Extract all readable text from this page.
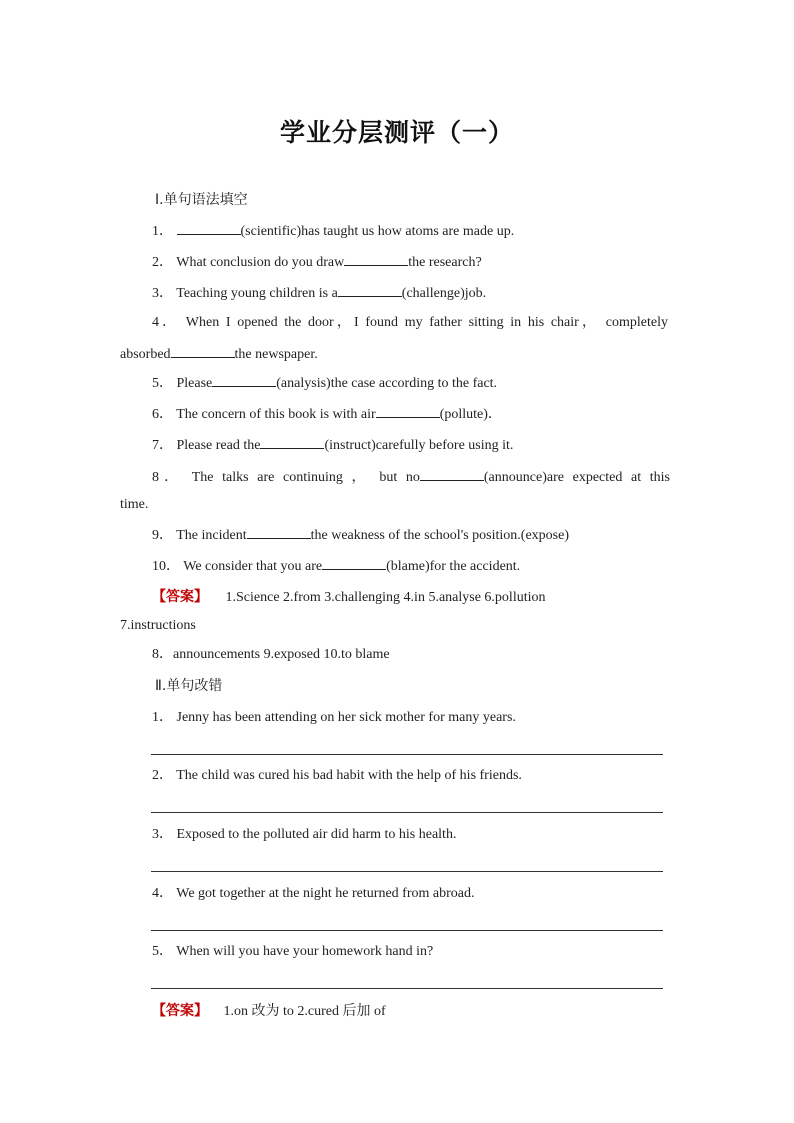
学业分层测评（一）
Ⅰ.单句语法填空
1．	(scientific)has taught us how atoms are made up.
2． What conclusion do you draw	the research?
3． Teaching young children is a	(challenge)job.
4． When I opened the door，I found my father sitting in his chair， completely
absorbed	the newspaper.
5． Please	(analysis)the case according to the fact.
6． The concern of this book is with air	(pollute)．
7． Please read the	(instruct)carefully before using it.
8． The talks are continuing ， but no	(announce)are expected at this
time.
9． The incident	the weakness of the school's position.(expose)
10． We consider that you are	(blame)for the accident.
【答案】 1.Science 2.from 3.challenging 4.in 5.analyse 6.pollution
7.instructions
8．announcements 9.exposed 10.to blame
Ⅱ.单句改错
1． Jenny has been attending on her sick mother for many years.
2． The child was cured his bad habit with the help of his friends.
3． Exposed to the polluted air did harm to his health.
4． We got together at the night he returned from abroad.
5． When will you have your homework hand in?
【答案】 1.on 改为 to 2.cured 后加 of
